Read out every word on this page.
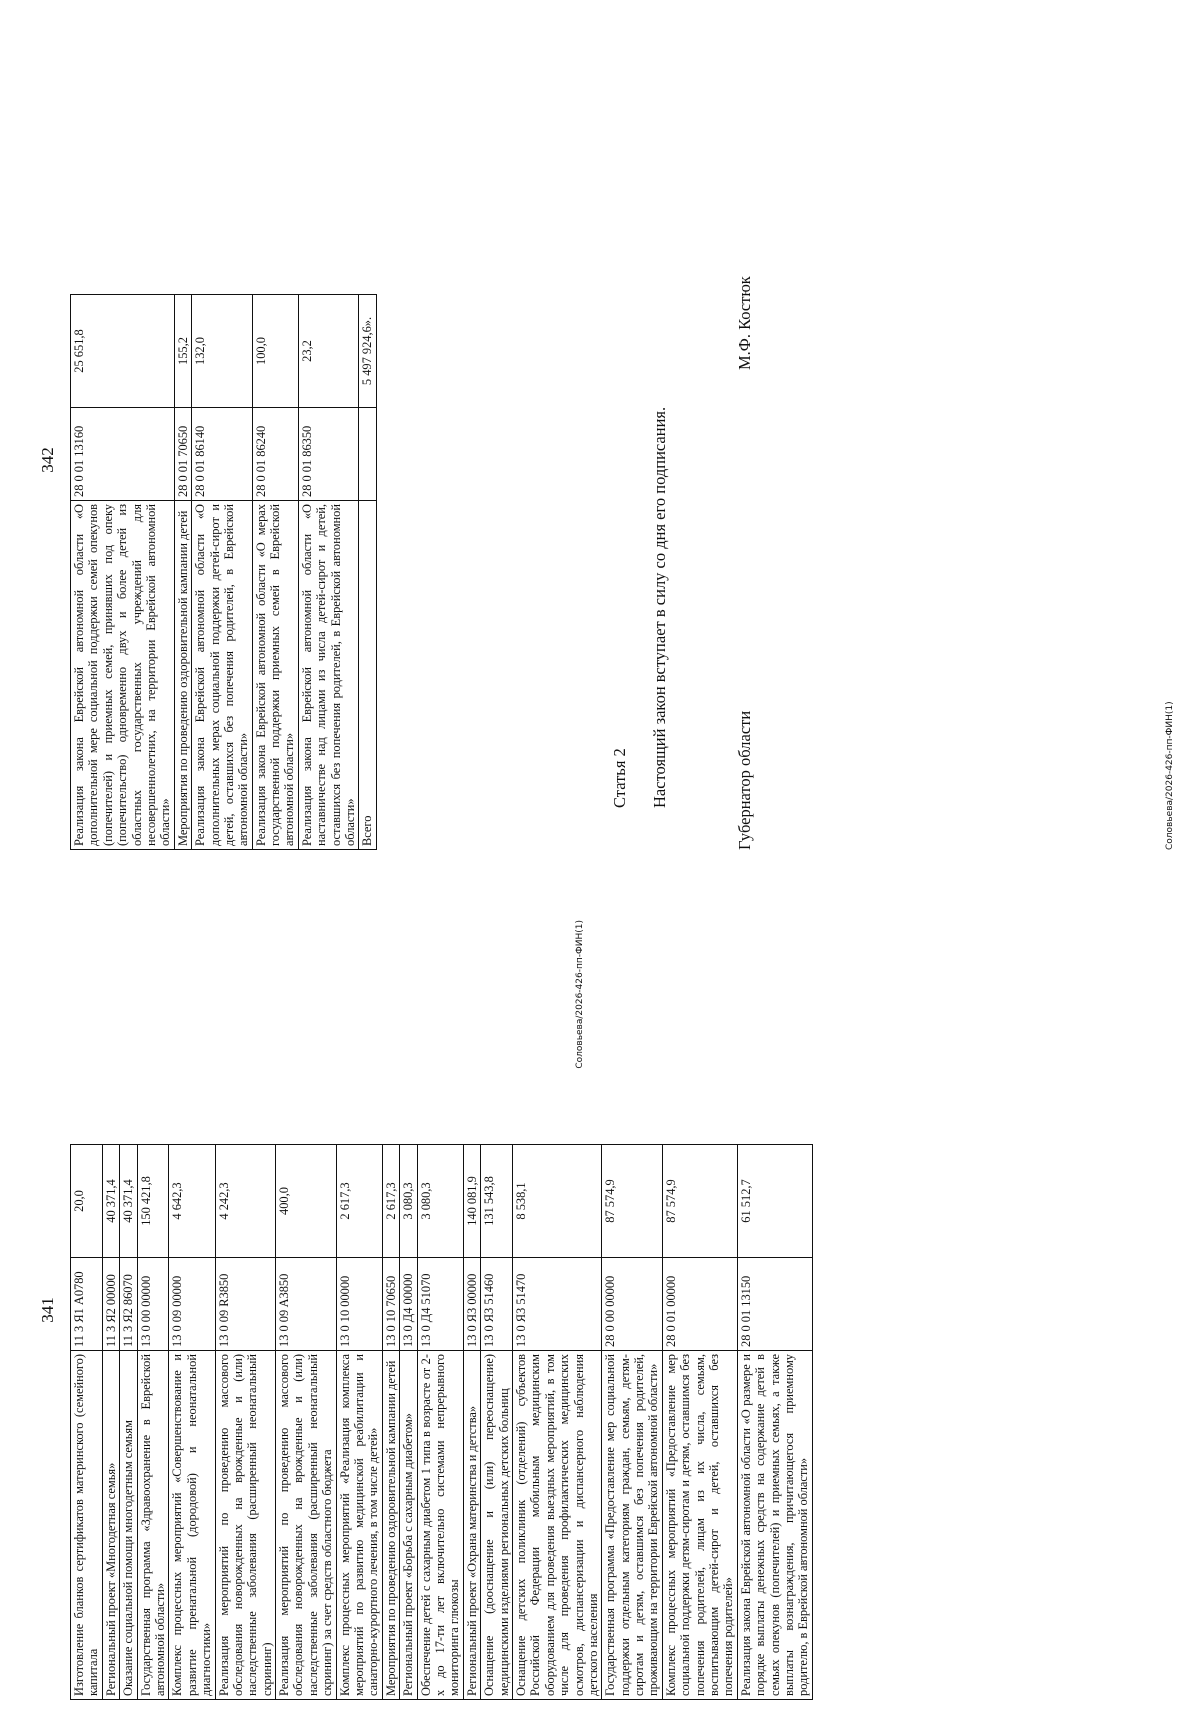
341
Изготовление бланков сертификатов материнского (семейного) капитала	11 3 Я1 А0780	20,0
Региональный проект «Многодетная семья»	11 3 Я2 00000	40 371,4
Оказание социальной помощи многодетным семьям	11 3 Я2 86070	40 371,4
Государственная программа «Здравоохранение в Еврейской автономной области»	13 0 00 00000	150 421,8
Комплекс процессных мероприятий «Совершенствование и развитие пренатальной (дородовой) и неонатальной диагностики»	13 0 09 00000	4 642,3
Реализация мероприятий по проведению массового обследования новорожденных на врожденные и (или) наследственные заболевания (расширенный неонатальный скрининг)	13 0 09 R3850	4 242,3
Реализация мероприятий по проведению массового обследования новорожденных на врожденные и (или) наследственные заболевания (расширенный неонатальный скрининг) за счет средств областного бюджета	13 0 09 A3850	400,0
Комплекс процессных мероприятий «Реализация комплекса мероприятий по развитию медицинской реабилитации и санаторно-курортного лечения, в том числе детей»	13 0 10 00000	2 617,3
Мероприятия по проведению оздоровительной кампании детей	13 0 10 70650	2 617,3
Региональный проект «Борьба с сахарным диабетом»	13 0 Д4 00000	3 080,3
Обеспечение детей с сахарным диабетом 1 типа в возрасте от 2-х до 17-ти лет включительно системами непрерывного мониторинга глюкозы	13 0 Д4 51070	3 080,3
Региональный проект «Охрана материнства и детства»	13 0 Я3 00000	140 081,9
Оснащение (дооснащение и (или) переоснащение) медицинскими изделиями региональных детских больниц	13 0 Я3 51460	131 543,8
Оснащение детских поликлиник (отделений) субъектов Российской Федерации мобильным медицинским оборудованием для проведения выездных мероприятий, в том числе для проведения профилактических медицинских осмотров, диспансеризации и диспансерного наблюдения детского населения	13 0 Я3 51470	8 538,1
Государственная программа «Предоставление мер социальной поддержки отдельным категориям граждан, семьям, детям-сиротам и детям, оставшимся без попечения родителей, проживающим на территории Еврейской автономной области»	28 0 00 00000	87 574,9
Комплекс процессных мероприятий «Предоставление мер социальной поддержки детям-сиротам и детям, оставшимся без попечения родителей, лицам из их числа, семьям, воспитывающим детей-сирот и детей, оставшихся без попечения родителей»	28 0 01 00000	87 574,9
Реализация закона Еврейской автономной области «О размере и порядке выплаты денежных средств на содержание детей в семьях опекунов (попечителей) и приемных семьях, а также выплаты вознаграждения, причитающегося приемному родителю, в Еврейской автономной области»	28 0 01 13150	61 512,7
Соловьева/2026-426-пп-ФИН(1)
342
Реализация закона Еврейской автономной области «О дополнительной мере социальной поддержки семей опекунов (попечителей) и приемных семей, принявших под опеку (попечительство) одновременно двух и более детей из областных государственных учреждений для несовершеннолетних, на территории Еврейской автономной области»	28 0 01 13160	25 651,8
Мероприятия по проведению оздоровительной кампании детей	28 0 01 70650	155,2
Реализация закона Еврейской автономной области «О дополнительных мерах социальной поддержки детей-сирот и детей, оставшихся без попечения родителей, в Еврейской автономной области»	28 0 01 86140	132,0
Реализация закона Еврейской автономной области «О мерах государственной поддержки приемных семей в Еврейской автономной области»	28 0 01 86240	100,0
Реализация закона Еврейской автономной области «О наставничестве над лицами из числа детей-сирот и детей, оставшихся без попечения родителей, в Еврейской автономной области»	28 0 01 86350	23,2
Всего		5 497 924,6».
Статья 2 Настоящий закон вступает в силу со дня его подписания.	Губернатор области
М.Ф. Костюк
Соловьева/2026-426-пп-ФИН(1)
